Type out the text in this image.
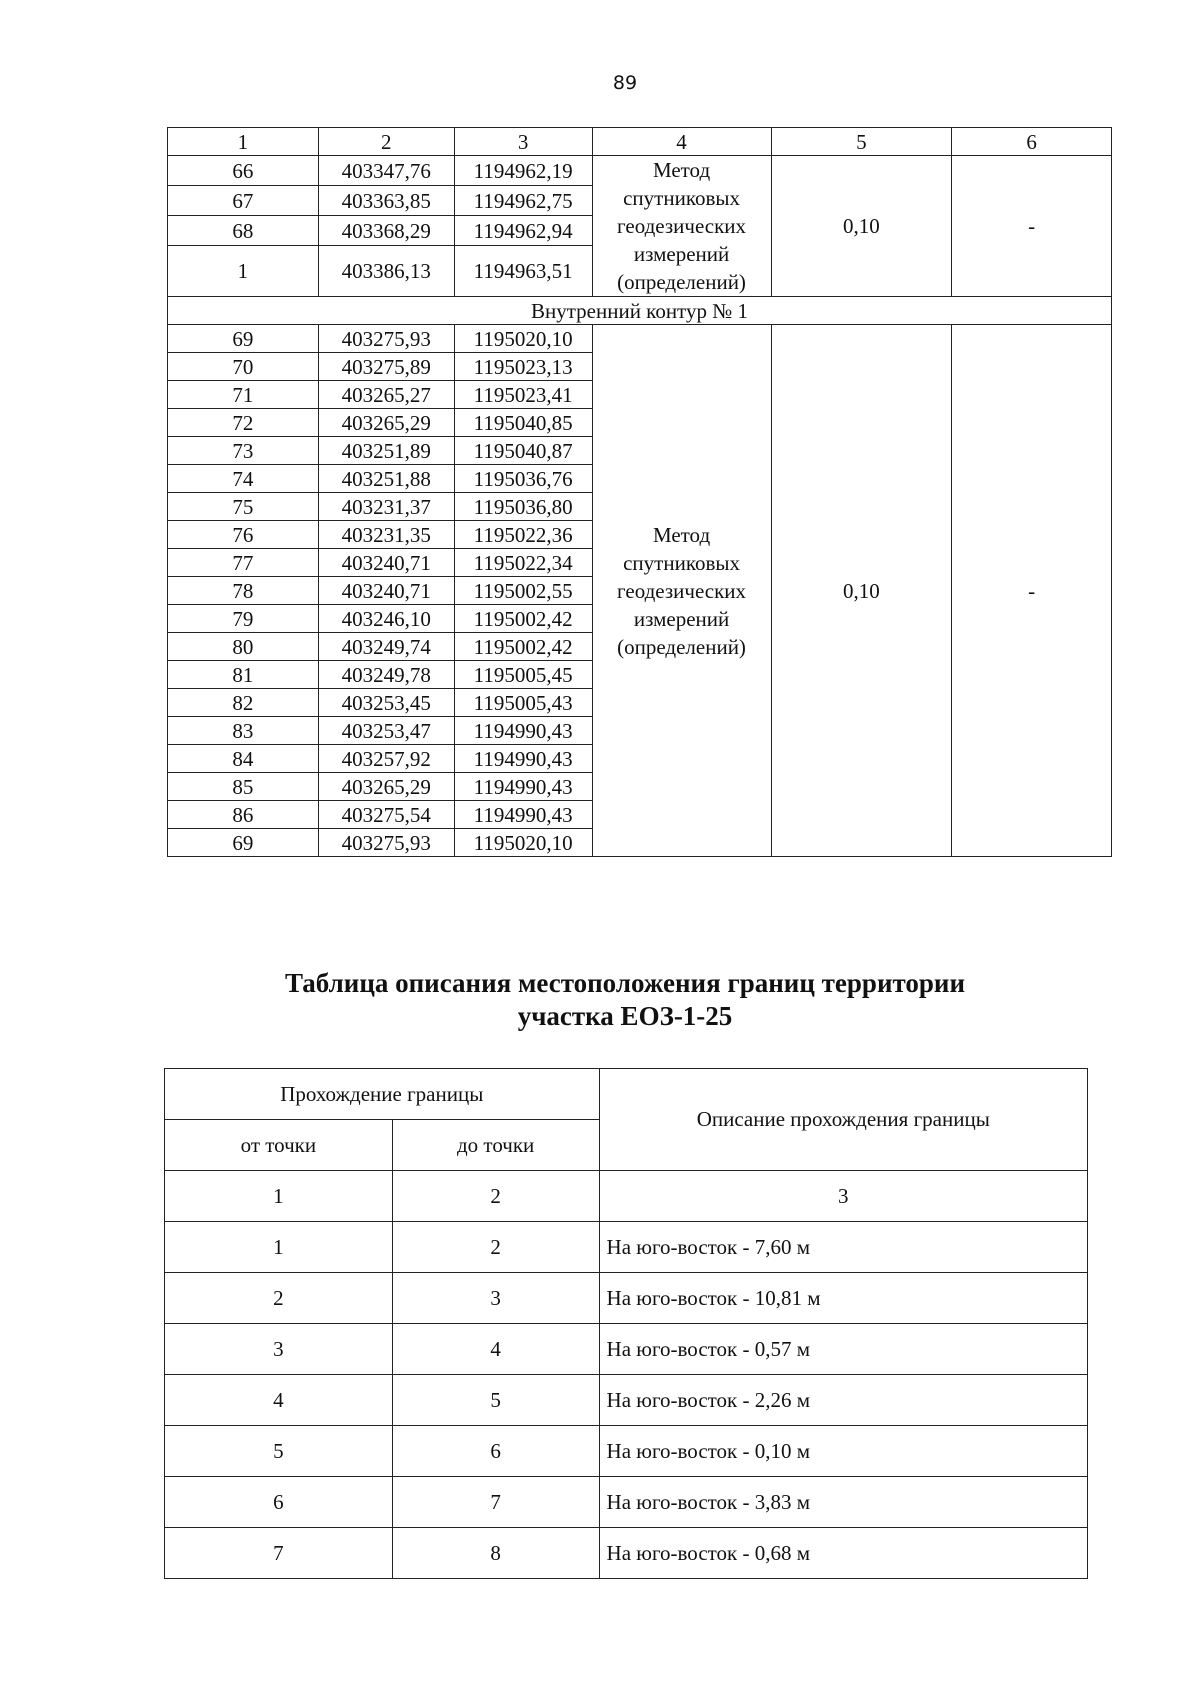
89
1	2	3	4	5	6
66	403347,76	1194962,19	Метод
спутниковых
геодезических
измерений
(определений)	0,10	-
67	403363,85	1194962,75			
68	403368,29	1194962,94			
1	403386,13	1194963,51			
Внутренний контур № 1					
69	403275,93	1195020,10	Метод
спутниковых
геодезических
измерений
(определений)	0,10	-
70	403275,89	1195023,13			
71	403265,27	1195023,41			
72	403265,29	1195040,85			
73	403251,89	1195040,87			
74	403251,88	1195036,76			
75	403231,37	1195036,80			
76	403231,35	1195022,36			
77	403240,71	1195022,34			
78	403240,71	1195002,55			
79	403246,10	1195002,42			
80	403249,74	1195002,42			
81	403249,78	1195005,45			
82	403253,45	1195005,43			
83	403253,47	1194990,43			
84	403257,92	1194990,43			
85	403265,29	1194990,43			
86	403275,54	1194990,43			
69	403275,93	1195020,10			
Таблица описания местоположения границ территории
участка ЕОЗ-1-25
Прохождение границы		Описание прохождения границы
от точки	до точки	
1	2	3
1	2	На юго-восток - 7,60 м
2	3	На юго-восток - 10,81 м
3	4	На юго-восток - 0,57 м
4	5	На юго-восток - 2,26 м
5	6	На юго-восток - 0,10 м
6	7	На юго-восток - 3,83 м
7	8	На юго-восток - 0,68 м
